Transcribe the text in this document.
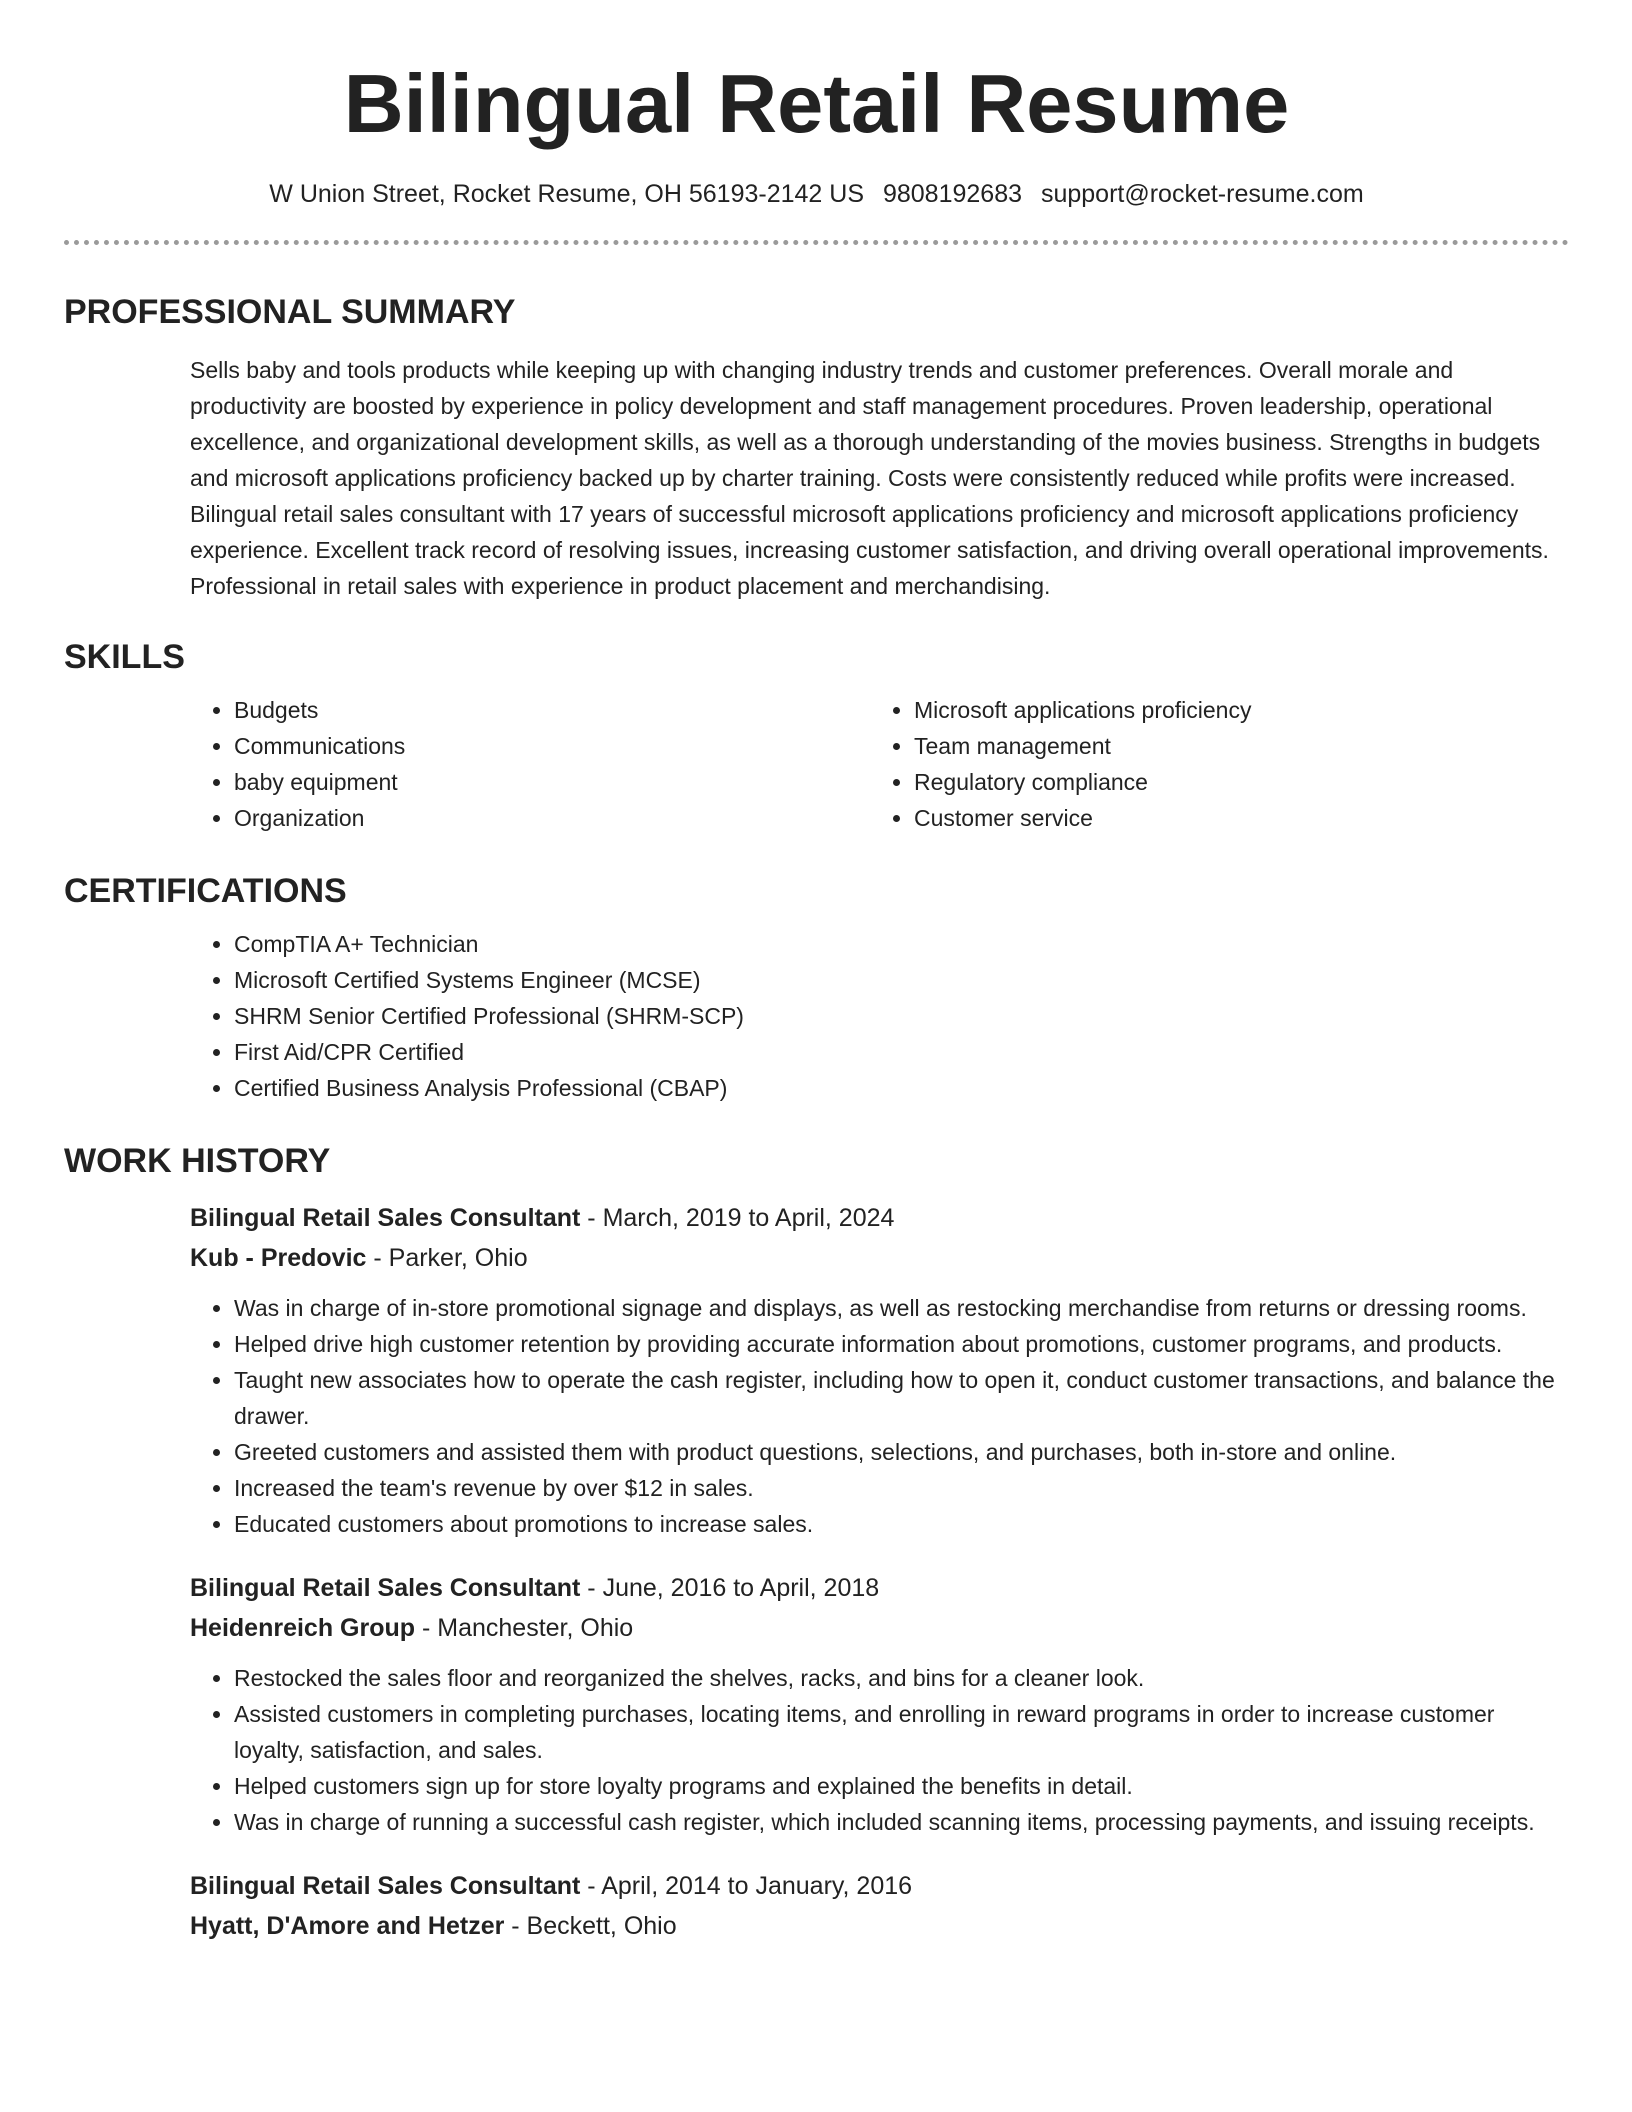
Bilingual Retail Resume
W Union Street, Rocket Resume, OH 56193-2142 US 9808192683 support@rocket-resume.com
PROFESSIONAL SUMMARY
Sells baby and tools products while keeping up with changing industry trends and customer preferences. Overall morale and productivity are boosted by experience in policy development and staff management procedures. Proven leadership, operational excellence, and organizational development skills, as well as a thorough understanding of the movies business. Strengths in budgets and microsoft applications proficiency backed up by charter training. Costs were consistently reduced while profits were increased. Bilingual retail sales consultant with 17 years of successful microsoft applications proficiency and microsoft applications proficiency experience. Excellent track record of resolving issues, increasing customer satisfaction, and driving overall operational improvements. Professional in retail sales with experience in product placement and merchandising.
SKILLS
• Budgets
• Communications
• baby equipment
• Organization
• Microsoft applications proficiency
• Team management
• Regulatory compliance
• Customer service
CERTIFICATIONS
• CompTIA A+ Technician
• Microsoft Certified Systems Engineer (MCSE)
• SHRM Senior Certified Professional (SHRM-SCP)
• First Aid/CPR Certified
• Certified Business Analysis Professional (CBAP)
WORK HISTORY
Bilingual Retail Sales Consultant - March, 2019 to April, 2024
Kub - Predovic - Parker, Ohio
• Was in charge of in-store promotional signage and displays, as well as restocking merchandise from returns or dressing rooms.
• Helped drive high customer retention by providing accurate information about promotions, customer programs, and products.
• Taught new associates how to operate the cash register, including how to open it, conduct customer transactions, and balance the drawer.
• Greeted customers and assisted them with product questions, selections, and purchases, both in-store and online.
• Increased the team's revenue by over $12 in sales.
• Educated customers about promotions to increase sales.
Bilingual Retail Sales Consultant - June, 2016 to April, 2018
Heidenreich Group - Manchester, Ohio
• Restocked the sales floor and reorganized the shelves, racks, and bins for a cleaner look.
• Assisted customers in completing purchases, locating items, and enrolling in reward programs in order to increase customer loyalty, satisfaction, and sales.
• Helped customers sign up for store loyalty programs and explained the benefits in detail.
• Was in charge of running a successful cash register, which included scanning items, processing payments, and issuing receipts.
Bilingual Retail Sales Consultant - April, 2014 to January, 2016
Hyatt, D'Amore and Hetzer - Beckett, Ohio
